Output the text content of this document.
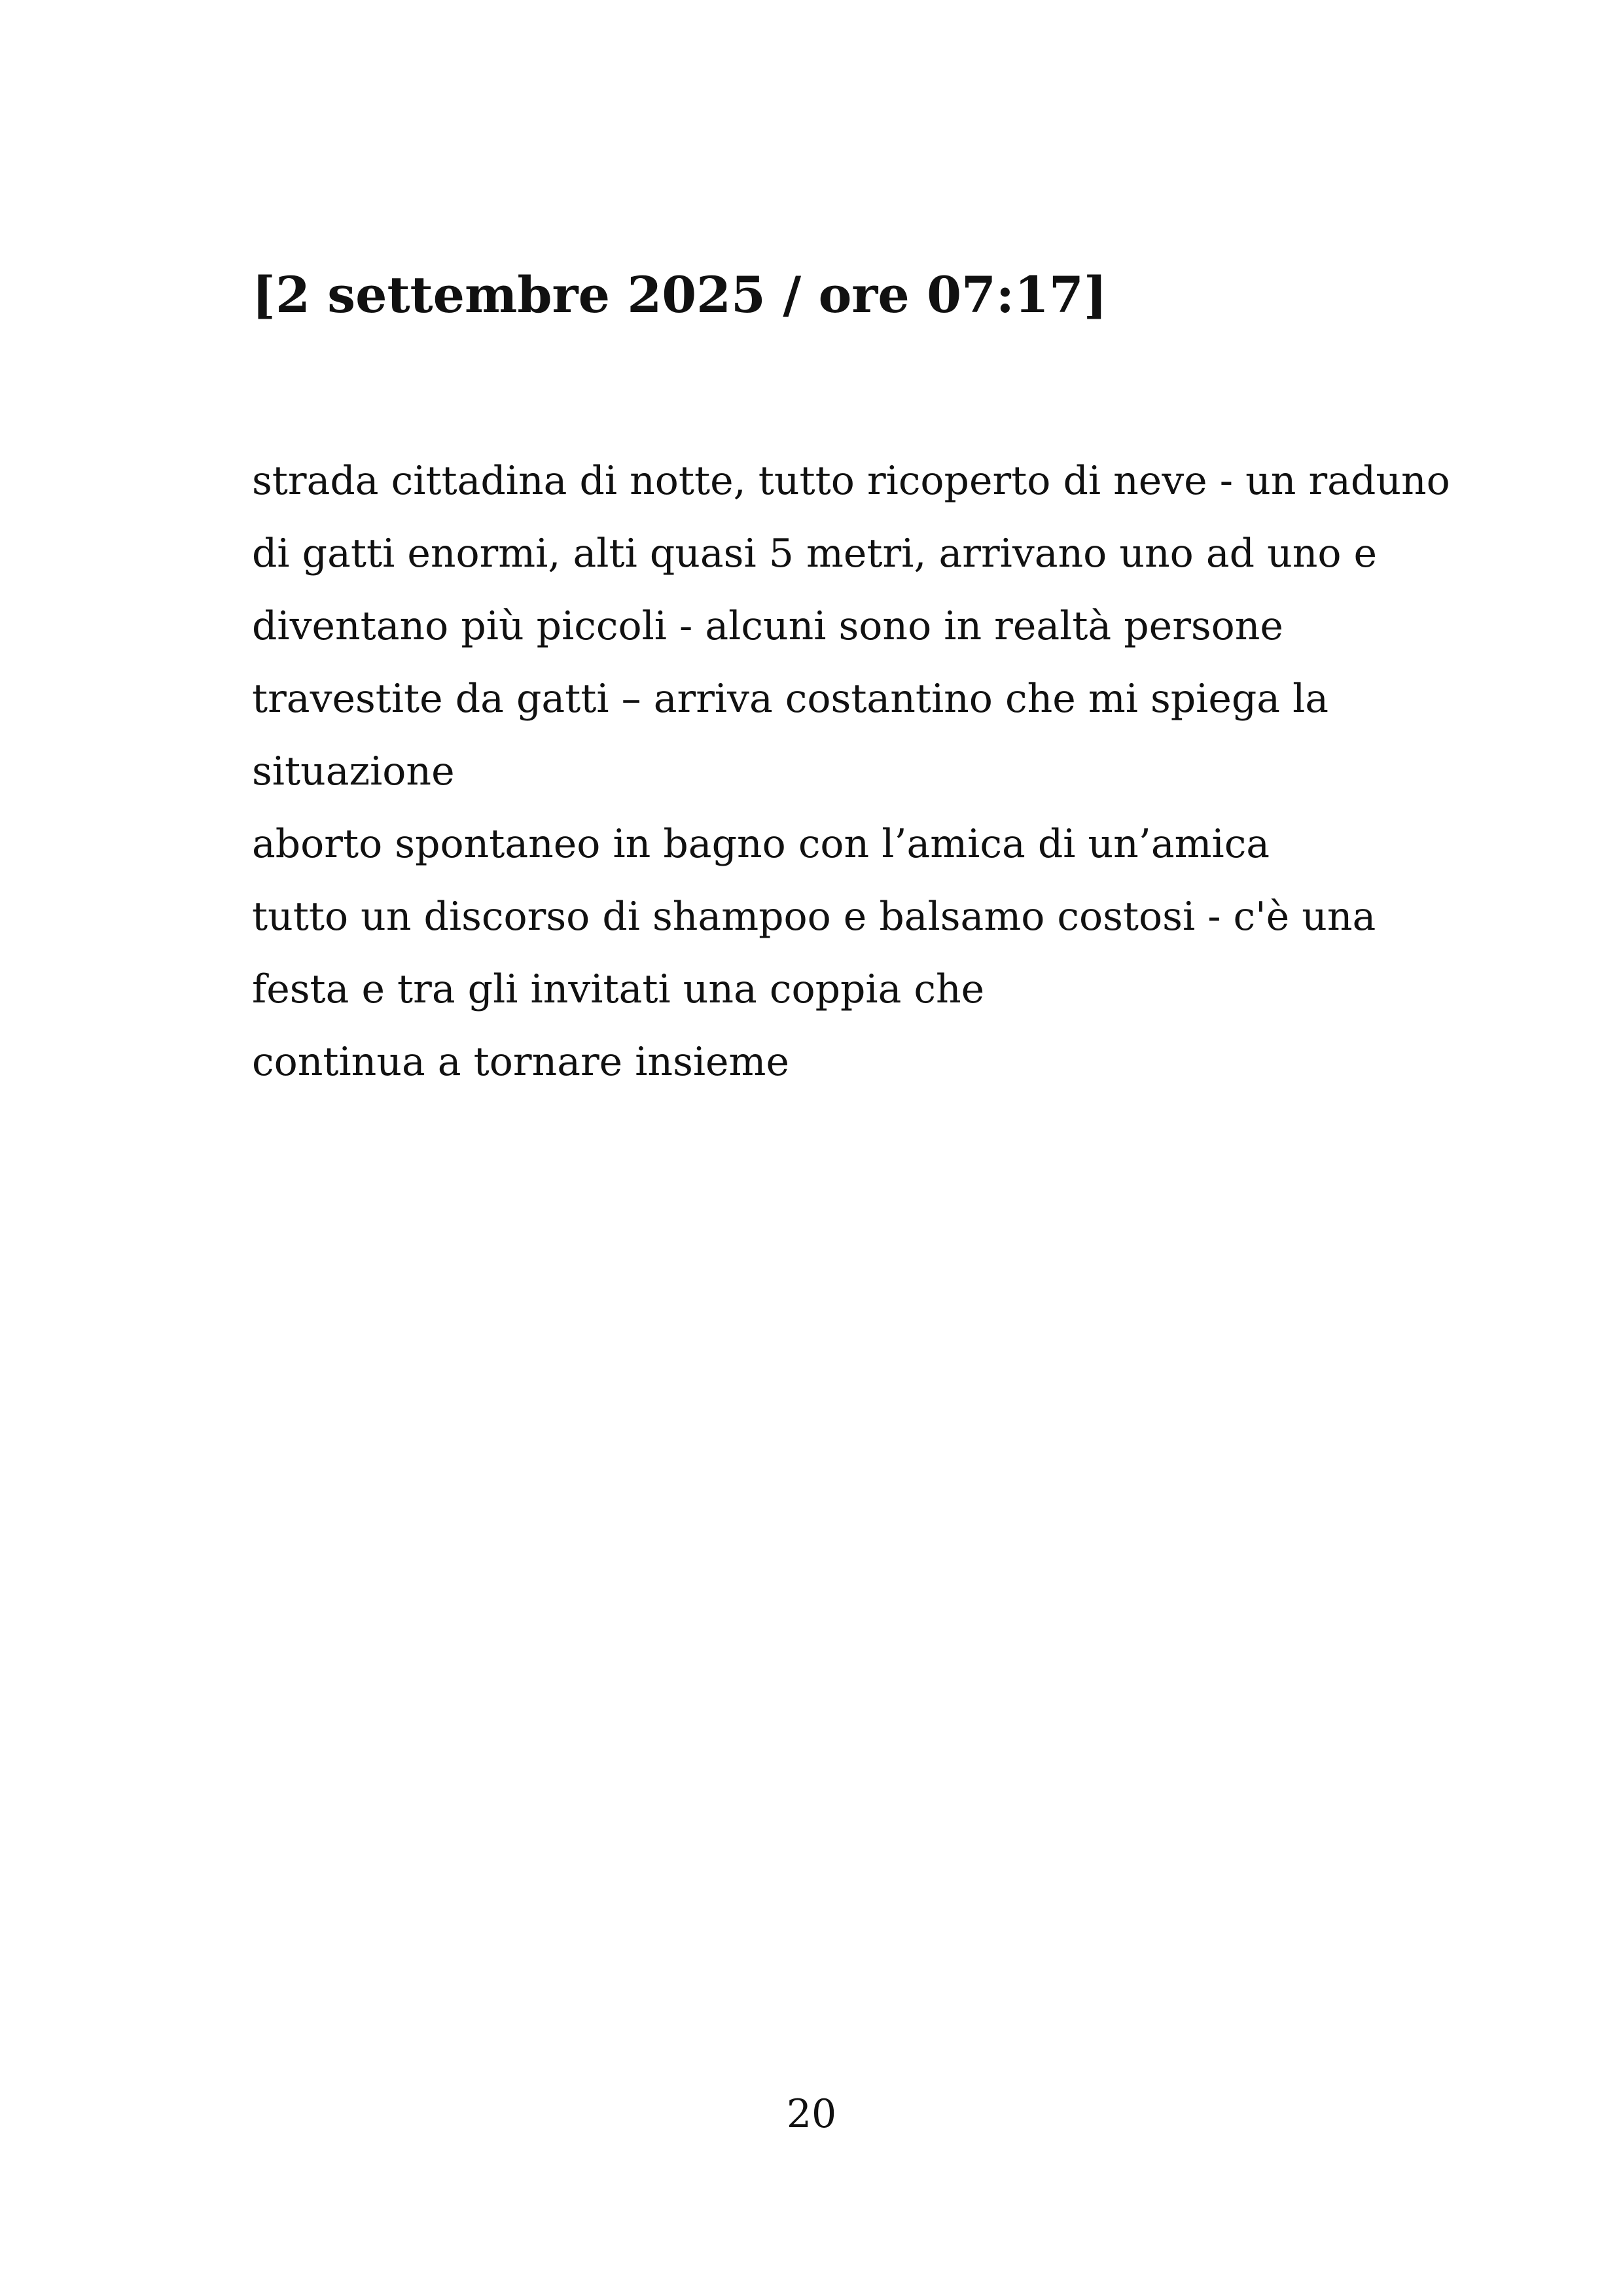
[2 settembre 2025 / ore 07:17]
strada cittadina di notte, tutto ricoperto di neve - un raduno
di gatti enormi, alti quasi 5 metri, arrivano uno ad uno e
diventano più piccoli - alcuni sono in realtà persone
travestite da gatti – arriva costantino che mi spiega la
situazione
aborto spontaneo in bagno con l’amica di un’amica
tutto un discorso di shampoo e balsamo costosi - c'è una
festa e tra gli invitati una coppia che
continua a tornare insieme
20
